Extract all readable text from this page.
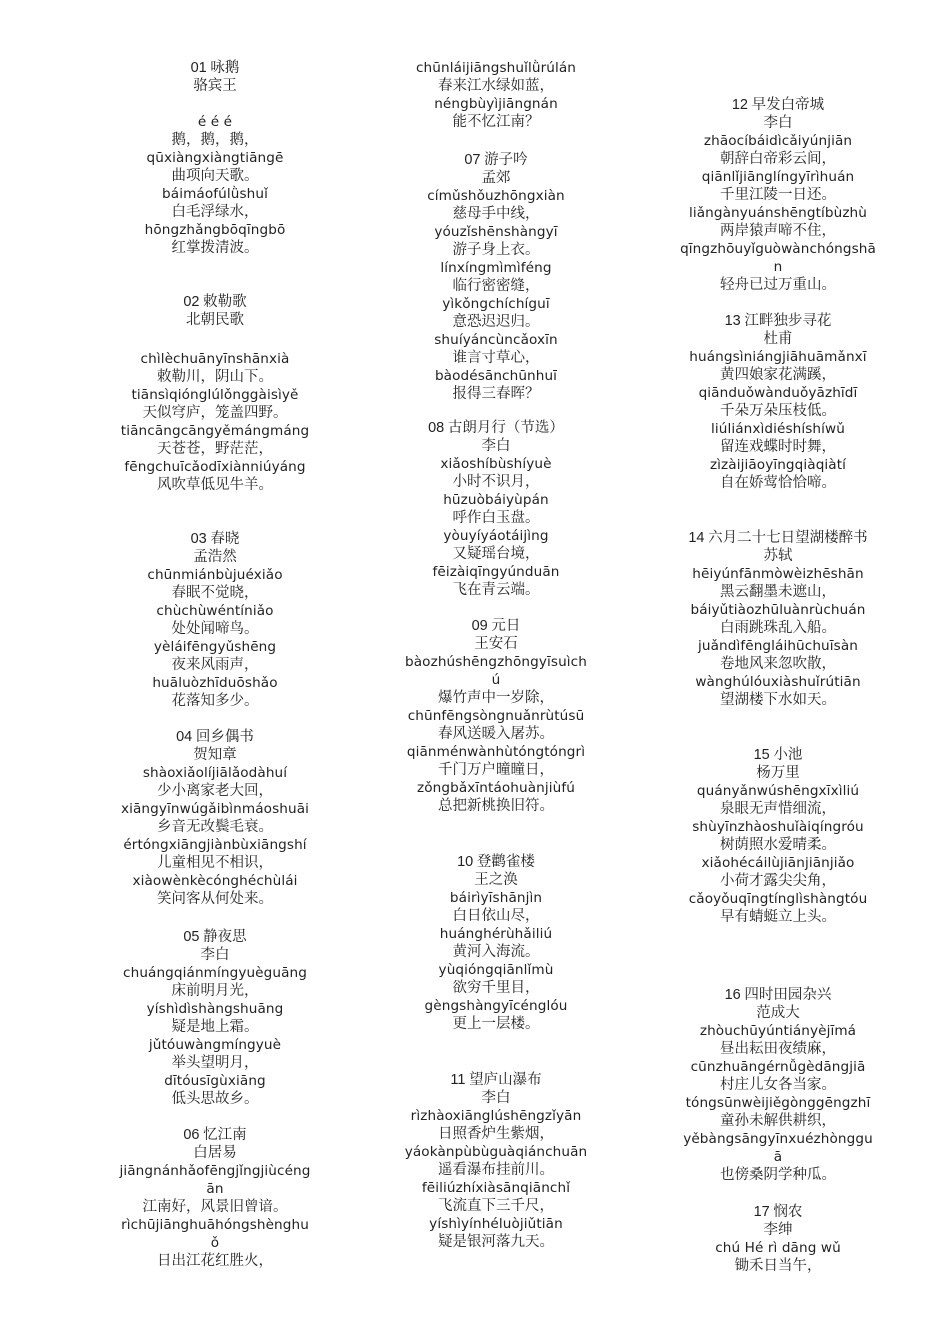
01 咏鹅
骆宾王
é é é
鹅，鹅，鹅，
qūxiàngxiàngtiāngē
曲项向天歌。
báimáofúlǜshuǐ
白毛浮绿水，
hōngzhǎngbōqīngbō
红掌拨清波。
02 敕勒歌
北朝民歌
chìlèchuānyīnshānxià
敕勒川，阴山下。
tiānsìqiónglúlǒnggàisìyě
天似穹庐，笼盖四野。
tiāncāngcāngyěmángmáng
天苍苍，野茫茫，
fēngchuīcǎodīxiànniúyáng
风吹草低见牛羊。
03 春晓
孟浩然
chūnmiánbùjuéxiǎo
春眠不觉晓，
chùchùwéntíniǎo
处处闻啼鸟。
yèláifēngyǔshēng
夜来风雨声，
huāluòzhīduōshǎo
花落知多少。
04 回乡偶书
贺知章
shàoxiǎolíjiālǎodàhuí
少小离家老大回，
xiāngyīnwúgǎibìnmáoshuāi
乡音无改鬓毛衰。
értóngxiāngjiànbùxiāngshí
儿童相见不相识，
xiàowènkècónghéchùlái
笑问客从何处来。
05 静夜思
李白
chuángqiánmíngyuèguāng
床前明月光，
yíshìdìshàngshuāng
疑是地上霜。
jǔtóuwàngmíngyuè
举头望明月，
dītóusīgùxiāng
低头思故乡。
06 忆江南
白居易
jiāngnánhǎofēngjǐngjiùcéng
ān
江南好，风景旧曾谙。
rìchūjiānghuāhóngshènghu
ǒ
日出江花红胜火，
chūnláijiāngshuǐlǜrúlán
春来江水绿如蓝，
néngbùyìjiāngnán
能不忆江南？
07 游子吟
孟郊
címǔshǒuzhōngxiàn
慈母手中线，
yóuzǐshēnshàngyī
游子身上衣。
línxíngmìmìféng
临行密密缝，
yìkǒngchíchíguī
意恐迟迟归。
shuíyáncùncǎoxīn
谁言寸草心，
bàodésānchūnhuī
报得三春晖？
08 古朗月行（节选）
李白
xiǎoshíbùshíyuè
小时不识月，
hūzuòbáiyùpán
呼作白玉盘。
yòuyíyáotáijìng
又疑瑶台境，
fēizàiqīngyúnduān
飞在青云端。
09 元日
王安石
bàozhúshēngzhōngyīsuìch
ú
爆竹声中一岁除，
chūnfēngsòngnuǎnrùtúsū
春风送暖入屠苏。
qiānménwànhùtóngtóngrì
千门万户曈曈日，
zǒngbǎxīntáohuànjiùfú
总把新桃换旧符。
10 登鹳雀楼
王之涣
báirìyīshānjìn
白日依山尽，
huánghérùhǎiliú
黄河入海流。
yùqióngqiānlǐmù
欲穷千里目，
gèngshàngyīcénglóu
更上一层楼。
11 望庐山瀑布
李白
rìzhàoxiānglúshēngzǐyān
日照香炉生紫烟，
yáokànpùbùguàqiánchuān
遥看瀑布挂前川。
fēiliúzhíxiàsānqiānchǐ
飞流直下三千尺，
yíshìyínhéluòjiǔtiān
疑是银河落九天。
12 早发白帝城
李白
zhāocíbáidìcǎiyúnjiān
朝辞白帝彩云间，
qiānlǐjiānglíngyīrìhuán
千里江陵一日还。
liǎngànyuánshēngtíbùzhù
两岸猿声啼不住，
qīngzhōuyǐguòwànchóngshā
n
轻舟已过万重山。
13 江畔独步寻花
杜甫
huángsìniángjiāhuāmǎnxī
黄四娘家花满蹊，
qiānduǒwànduǒyāzhīdī
千朵万朵压枝低。
liúliánxìdiéshíshíwǔ
留连戏蝶时时舞，
zìzàijiāoyīngqiàqiàtí
自在娇莺恰恰啼。
14 六月二十七日望湖楼醉书
苏轼
hēiyúnfānmòwèizhēshān
黑云翻墨未遮山，
báiyǔtiàozhūluànrùchuán
白雨跳珠乱入船。
juǎndìfēngláihūchuīsàn
卷地风来忽吹散，
wànghúlóuxiàshuǐrútiān
望湖楼下水如天。
15 小池
杨万里
quányǎnwúshēngxīxìliú
泉眼无声惜细流，
shùyīnzhàoshuǐàiqíngróu
树荫照水爱晴柔。
xiǎohécáilùjiānjiānjiǎo
小荷才露尖尖角，
cǎoyǒuqīngtínglìshàngtóu
早有蜻蜓立上头。
16 四时田园杂兴
范成大
zhòuchūyúntiányèjīmá
昼出耘田夜绩麻，
cūnzhuāngérnǚgèdāngjiā
村庄儿女各当家。
tóngsūnwèijiěgònggēngzhī
童孙未解供耕织，
yěbàngsāngyīnxuézhònggu
ā
也傍桑阴学种瓜。
17 悯农
李绅
chú Hé rì dāng wǔ
锄禾日当午，
